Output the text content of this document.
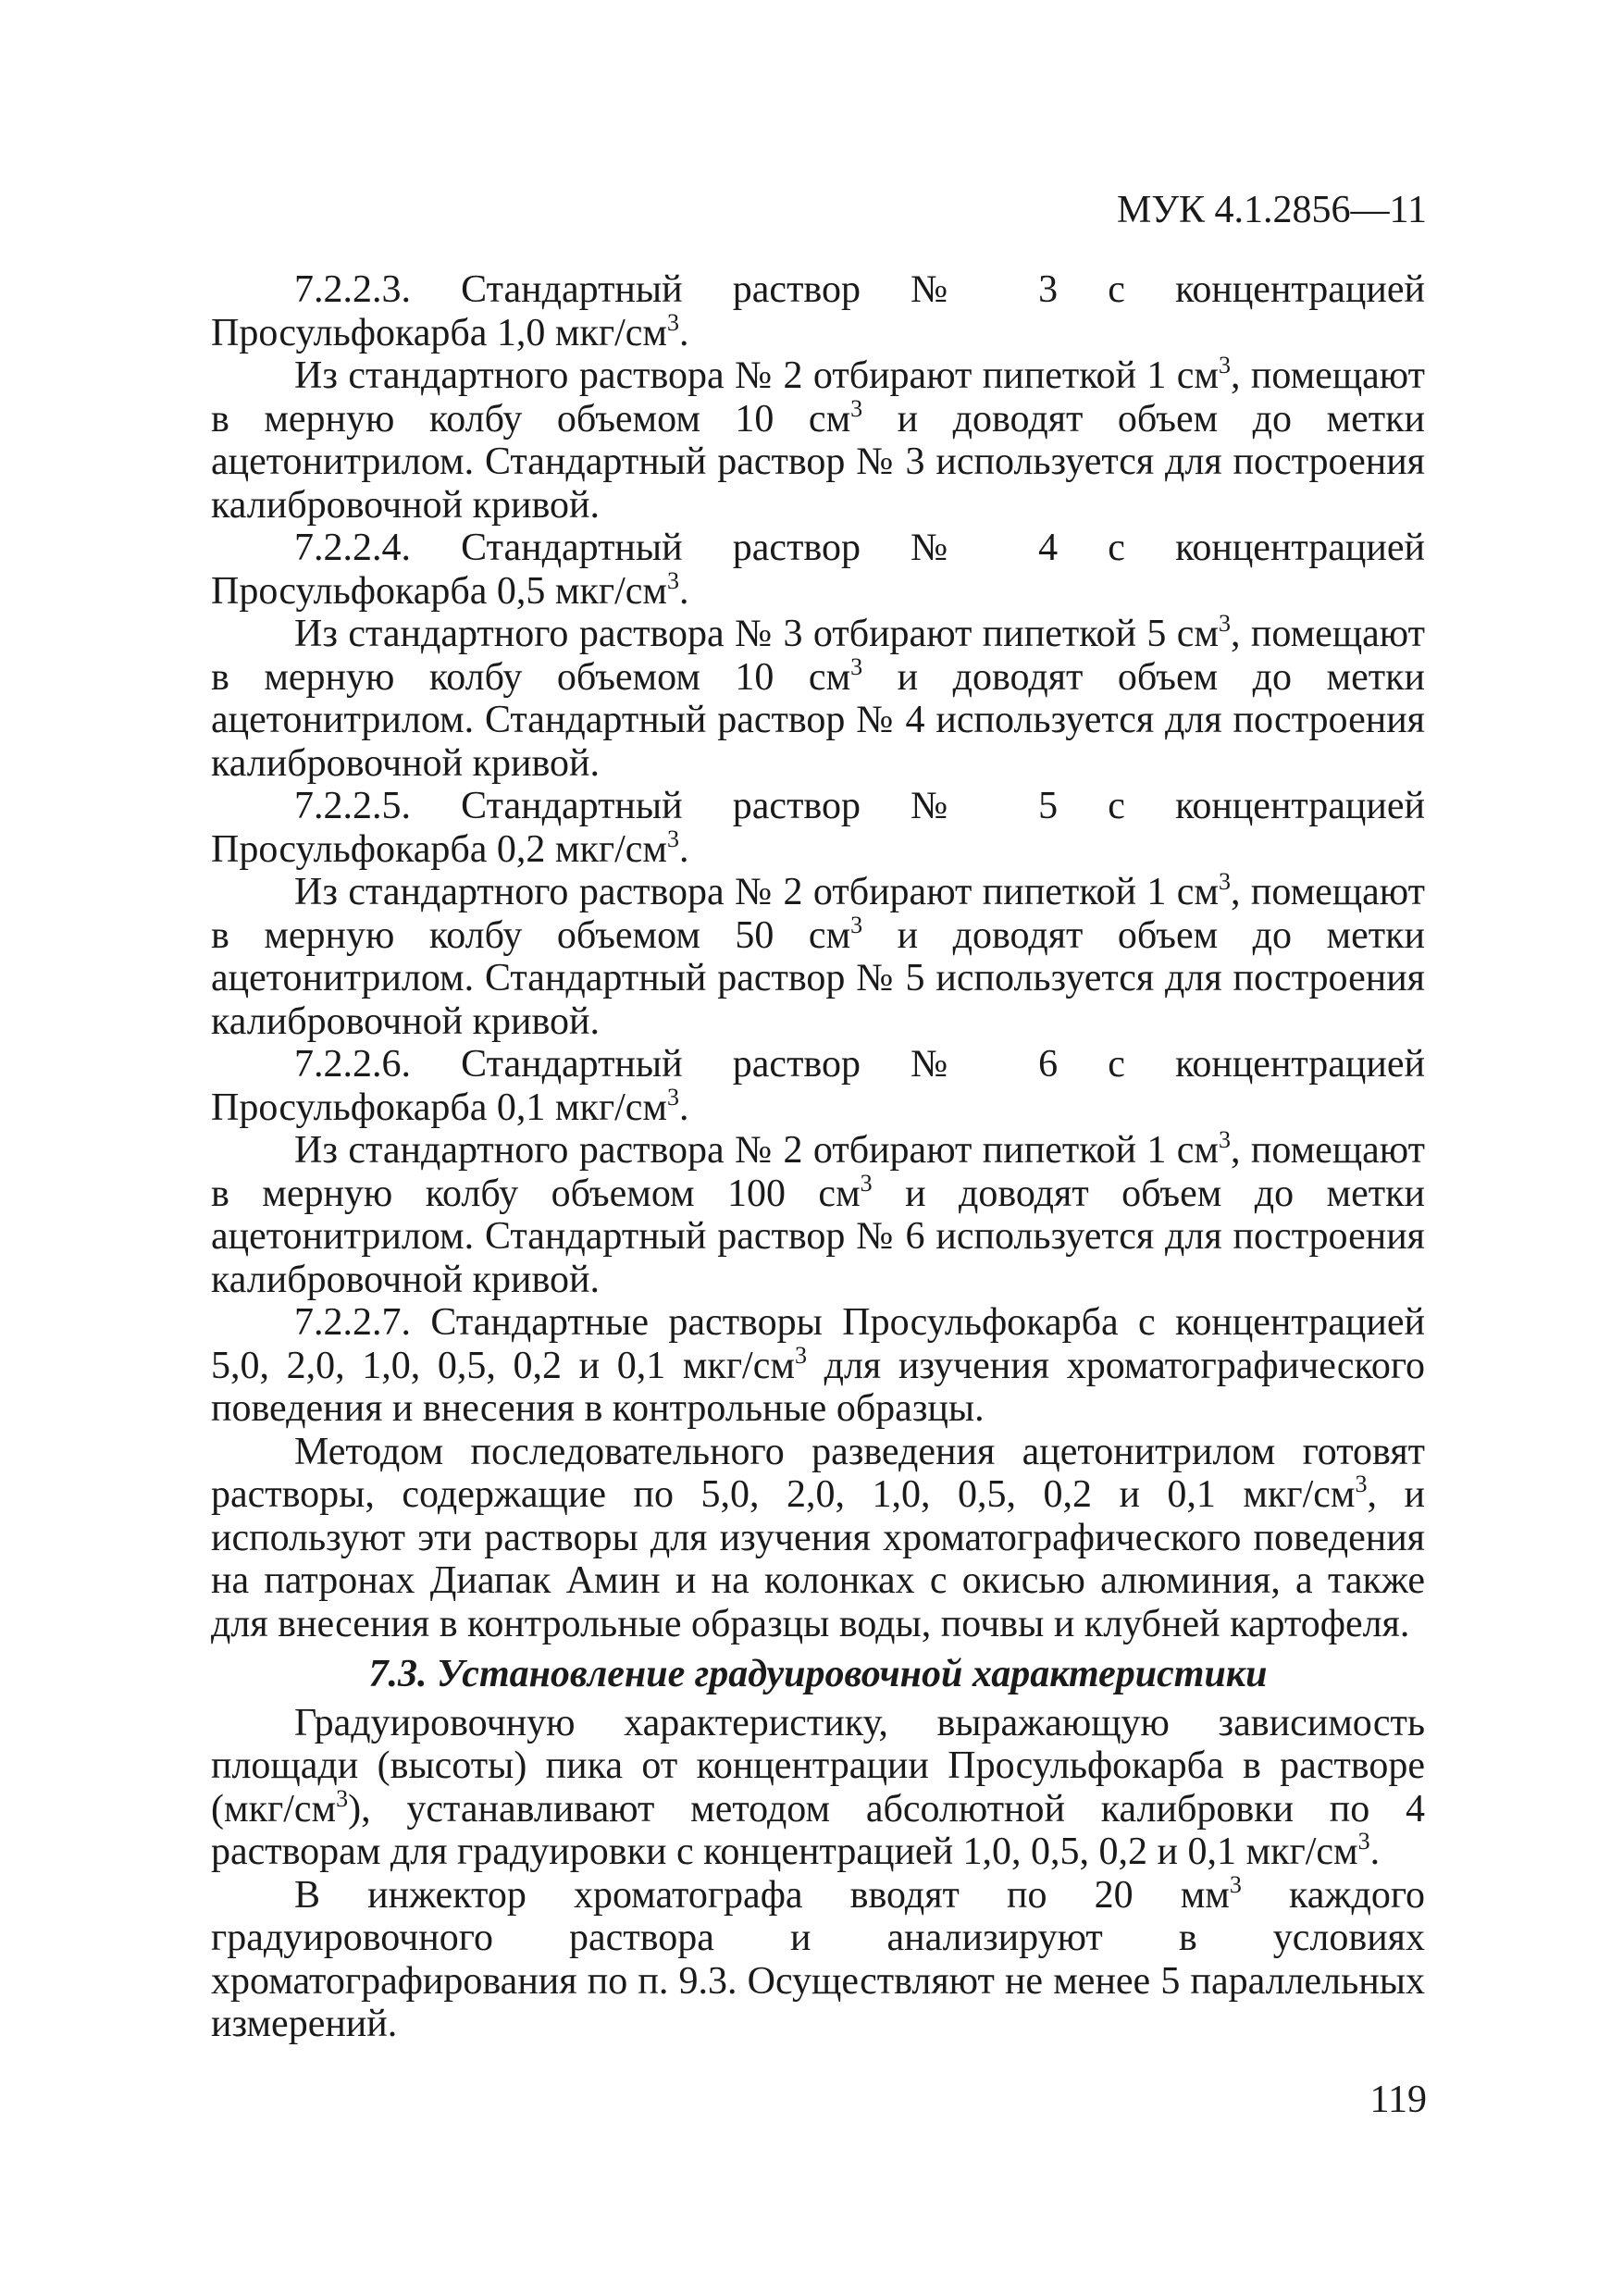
МУК 4.1.2856—11

7.2.2.3. Стандартный раствор № 3 с концентрацией Просульфокарба 1,0 мкг/$см^3$.

Из стандартного раствора № 2 отбирают пипеткой 1 $см^3$, помещают в мерную колбу объемом 10 $см^3$ и доводят объем до метки ацетонитрилом. Стандартный раствор № 3 используется для построения калибровочной кривой.

7.2.2.4. Стандартный раствор № 4 с концентрацией Просульфокарба 0,5 мкг/$см^3$.

Из стандартного раствора № 3 отбирают пипеткой 5 $см^3$, помещают в мерную колбу объемом 10 $см^3$ и доводят объем до метки ацетонитрилом. Стандартный раствор № 4 используется для построения калибровочной кривой.

7.2.2.5. Стандартный раствор № 5 с концентрацией Просульфокарба 0,2 мкг/$см^3$.

Из стандартного раствора № 2 отбирают пипеткой 1 $см^3$, помещают в мерную колбу объемом 50 $см^3$ и доводят объем до метки ацетонитрилом. Стандартный раствор № 5 используется для построения калибровочной кривой.

7.2.2.6. Стандартный раствор № 6 с концентрацией Просульфокарба 0,1 мкг/$см^3$.

Из стандартного раствора № 2 отбирают пипеткой 1 $см^3$, помещают в мерную колбу объемом 100 $см^3$ и доводят объем до метки ацетонитрилом. Стандартный раствор № 6 используется для построения калибровочной кривой.

7.2.2.7. Стандартные растворы Просульфокарба с концентрацией 5,0, 2,0, 1,0, 0,5, 0,2 и 0,1 мкг/$см^3$ для изучения хроматографического поведения и внесения в контрольные образцы.

Методом последовательного разведения ацетонитрилом готовят растворы, содержащие по 5,0, 2,0, 1,0, 0,5, 0,2 и 0,1 мкг/$см^3$, и используют эти растворы для изучения хроматографического поведения на патронах Диапак Амин и на колонках с окисью алюминия, а также для внесения в контрольные образцы воды, почвы и клубней картофеля.

7.3. Установление градуировочной характеристики

Градуировочную характеристику, выражающую зависимость площади (высоты) пика от концентрации Просульфокарба в растворе $(мкг/см^3)$, устанавливают методом абсолютной калибровки по 4 растворам для градуировки с концентрацией 1,0, 0,5, 0,2 и 0,1 мкг/$см^3$.

В инжектор хроматографа вводят по 20 $мм^3$ каждого градуировочного раствора и анализируют в условиях хроматографирования по п. 9.3. Осуществляют не менее 5 параллельных измерений.

119
